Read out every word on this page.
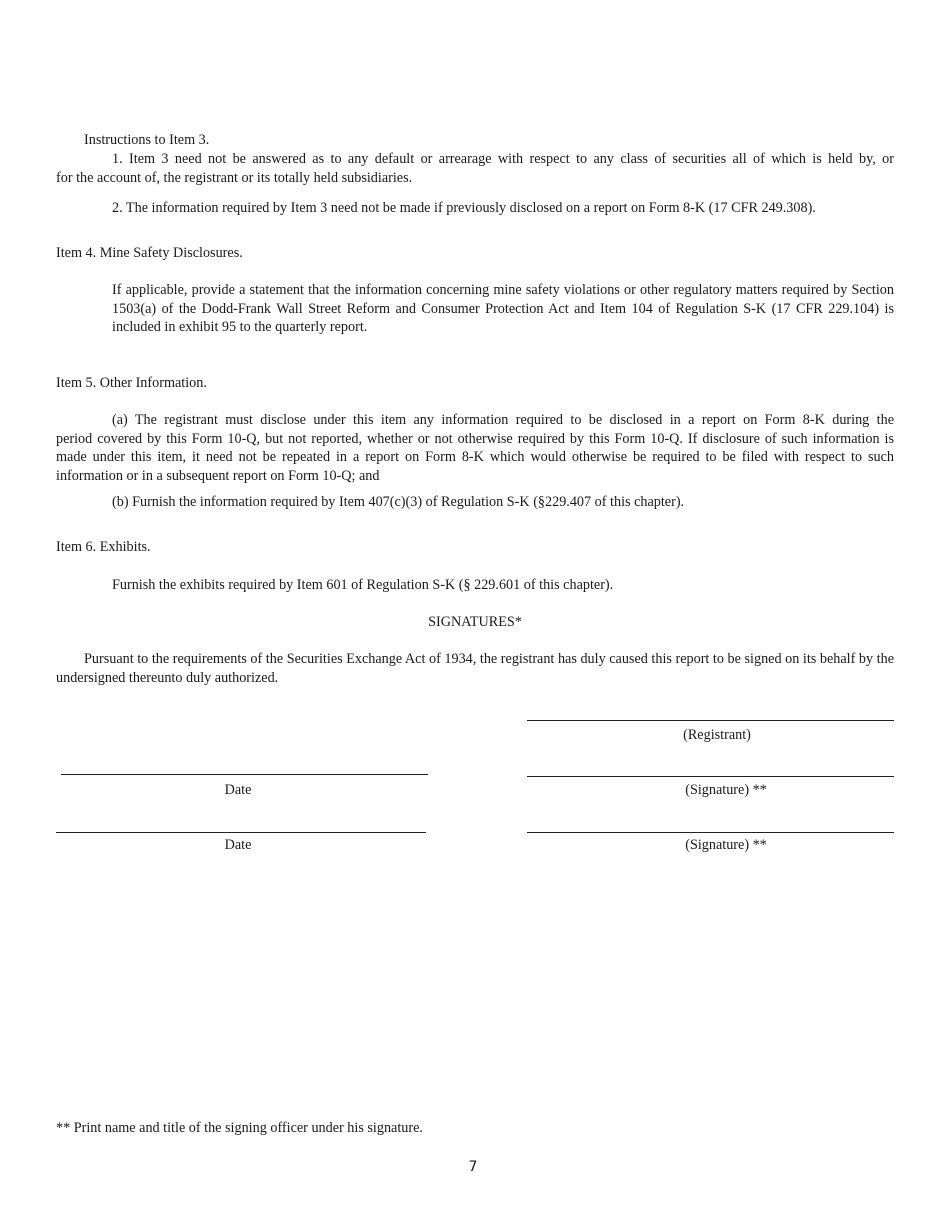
Instructions to Item 3.
1. Item 3 need not be answered as to any default or arrearage with respect to any class of securities all of which is held by, or
for the account of, the registrant or its totally held subsidiaries.
2. The information required by Item 3 need not be made if previously disclosed on a report on Form 8-K (17 CFR 249.308).
Item 4. Mine Safety Disclosures.
If applicable, provide a statement that the information concerning mine safety violations or other regulatory matters required by Section 1503(a) of the Dodd-Frank Wall Street Reform and Consumer Protection Act and Item 104 of Regulation S-K (17 CFR 229.104) is included in exhibit 95 to the quarterly report.
Item 5. Other Information.
(a) The registrant must disclose under this item any information required to be disclosed in a report on Form 8-K during the
period covered by this Form 10-Q, but not reported, whether or not otherwise required by this Form 10-Q. If disclosure of such information is made under this item, it need not be repeated in a report on Form 8-K which would otherwise be required to be filed with respect to such information or in a subsequent report on Form 10-Q; and
(b) Furnish the information required by Item 407(c)(3) of Regulation S-K (§229.407 of this chapter).
Item 6. Exhibits.
Furnish the exhibits required by Item 601 of Regulation S-K (§ 229.601 of this chapter).
SIGNATURES*
Pursuant to the requirements of the Securities Exchange Act of 1934, the registrant has duly caused this report to be signed on its behalf by the undersigned thereunto duly authorized.
(Registrant)
Date	(Signature) **
Date	(Signature) **
** Print name and title of the signing officer under his signature.
7
